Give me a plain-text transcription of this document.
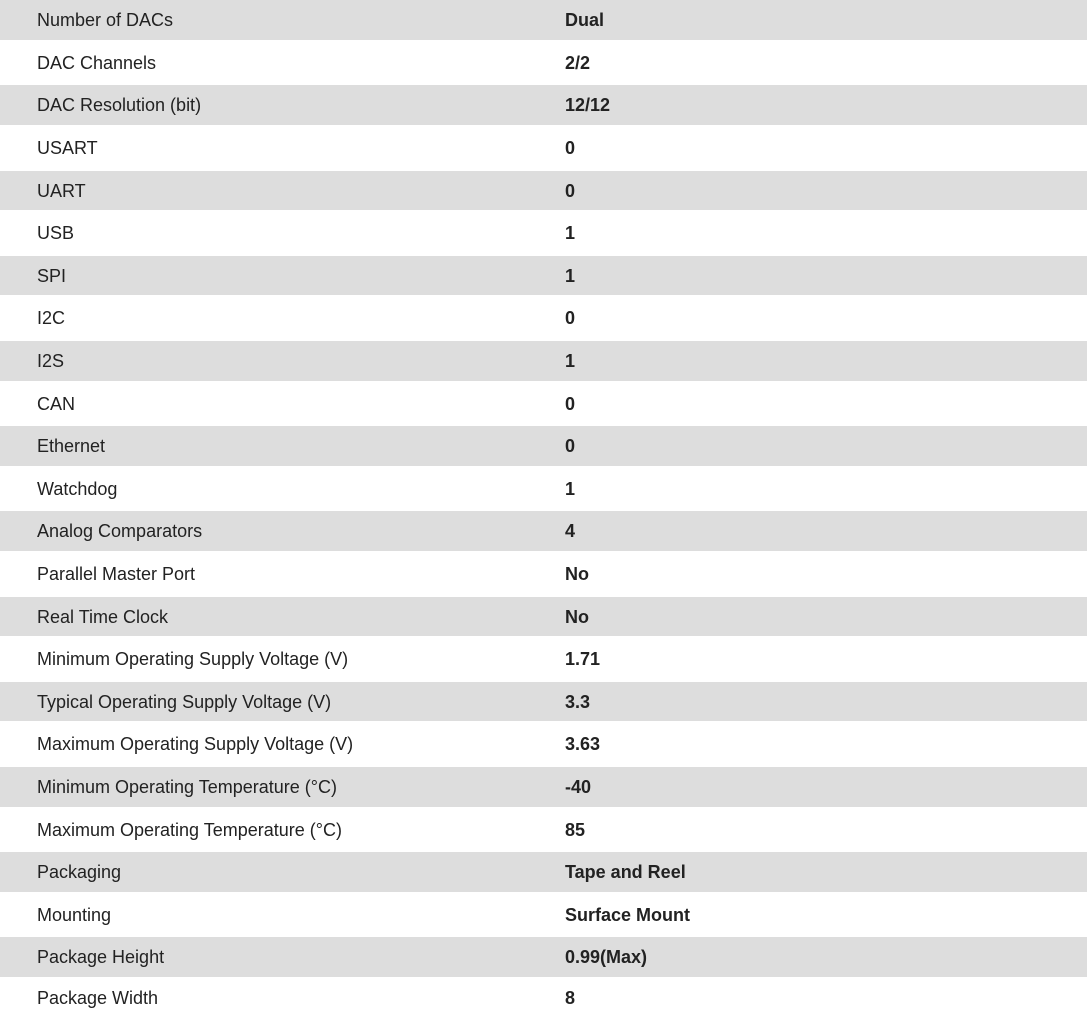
Number of DACs	Dual
DAC Channels	2/2
DAC Resolution (bit)	12/12
USART	0
UART	0
USB	1
SPI	1
I2C	0
I2S	1
CAN	0
Ethernet	0
Watchdog	1
Analog Comparators	4
Parallel Master Port	No
Real Time Clock	No
Minimum Operating Supply Voltage (V)	1.71
Typical Operating Supply Voltage (V)	3.3
Maximum Operating Supply Voltage (V)	3.63
Minimum Operating Temperature (°C)	-40
Maximum Operating Temperature (°C)	85
Packaging	Tape and Reel
Mounting	Surface Mount
Package Height	0.99(Max)
Package Width	8
